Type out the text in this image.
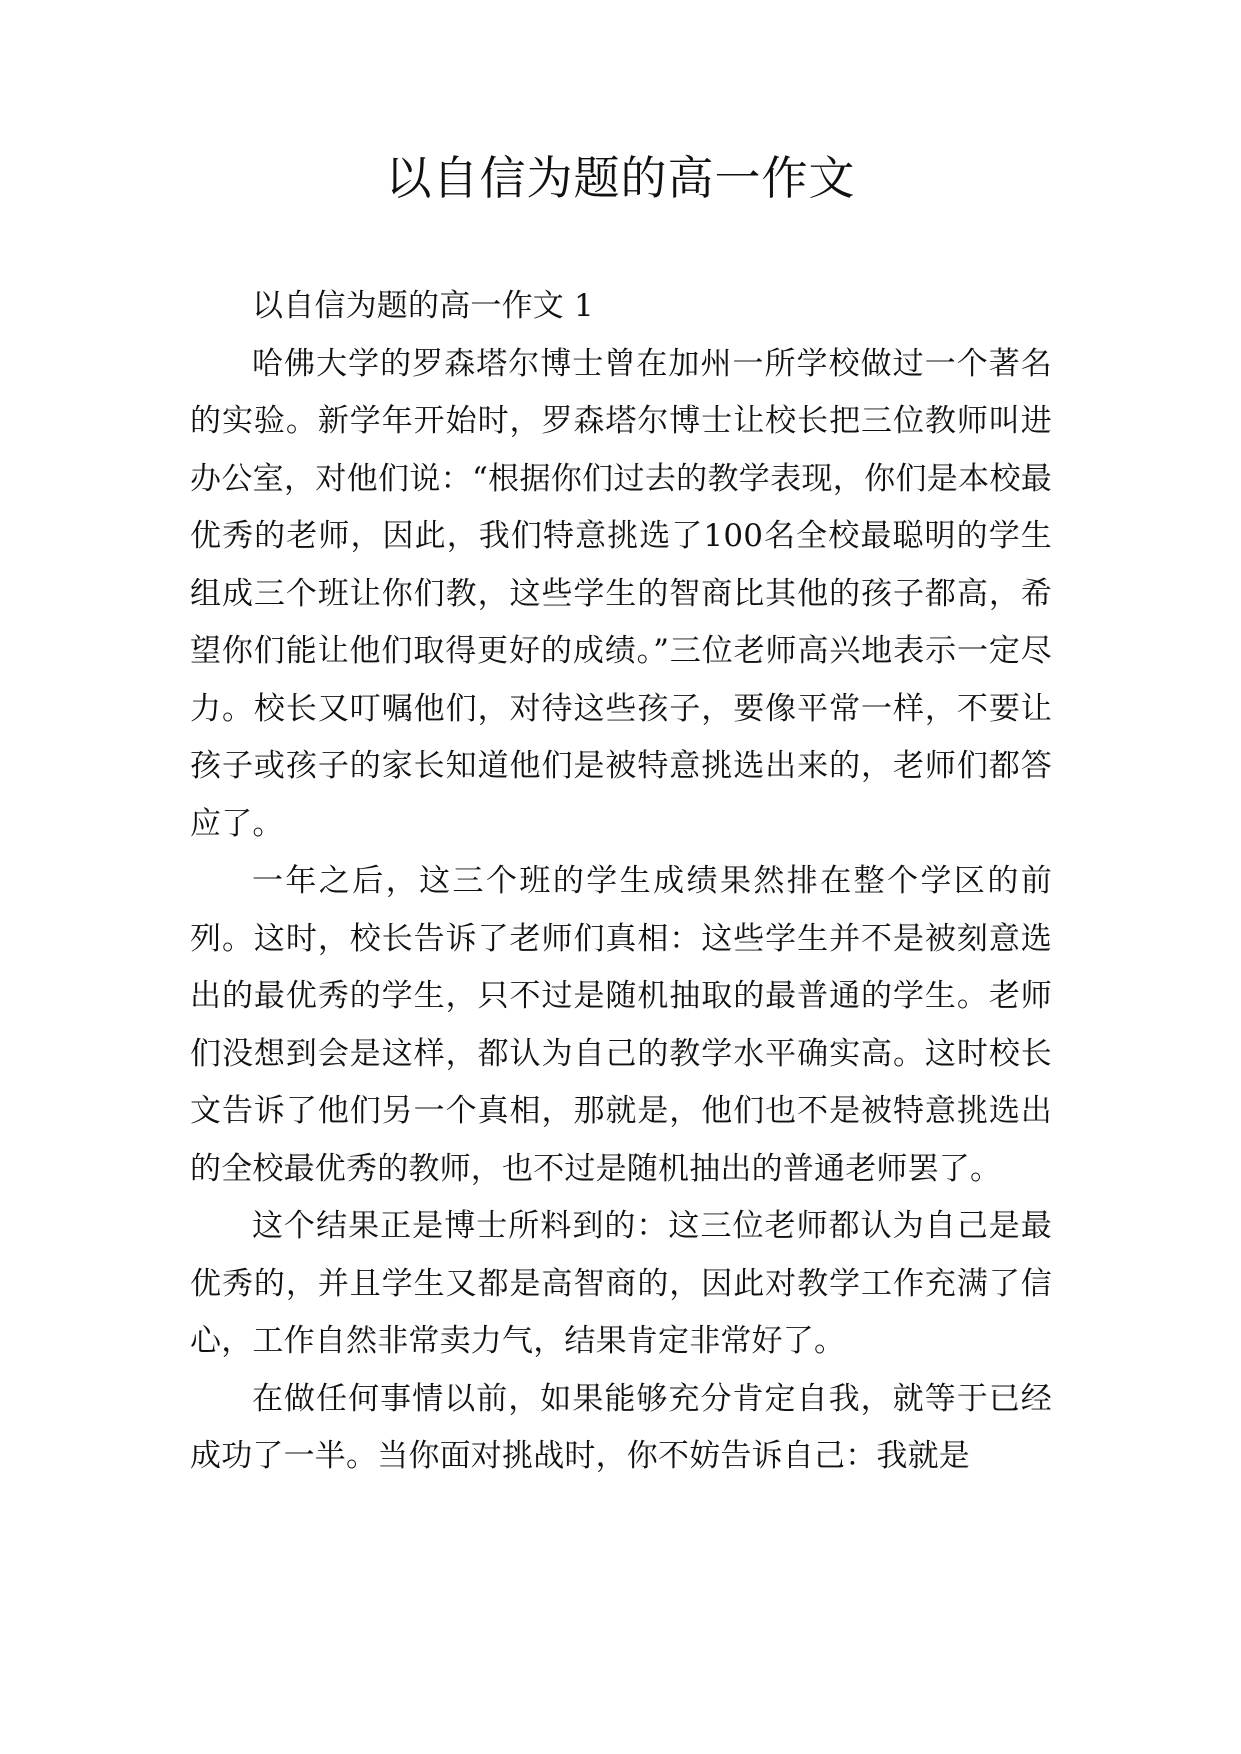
以自信为题的高一作文

以自信为题的高一作文 1

哈佛大学的罗森塔尔博士曾在加州一所学校做过一个著名的实验。新学年开始时，罗森塔尔博士让校长把三位教师叫进办公室，对他们说：“根据你们过去的教学表现，你们是本校最优秀的老师，因此，我们特意挑选了100名全校最聪明的学生组成三个班让你们教，这些学生的智商比其他的孩子都高，希望你们能让他们取得更好的成绩。”三位老师高兴地表示一定尽力。校长又叮嘱他们，对待这些孩子，要像平常一样，不要让孩子或孩子的家长知道他们是被特意挑选出来的，老师们都答应了。

一年之后，这三个班的学生成绩果然排在整个学区的前列。这时，校长告诉了老师们真相：这些学生并不是被刻意选出的最优秀的学生，只不过是随机抽取的最普通的学生。老师们没想到会是这样，都认为自己的教学水平确实高。这时校长文告诉了他们另一个真相，那就是，他们也不是被特意挑选出的全校最优秀的教师，也不过是随机抽出的普通老师罢了。

这个结果正是博士所料到的：这三位老师都认为自己是最优秀的，并且学生又都是高智商的，因此对教学工作充满了信心，工作自然非常卖力气，结果肯定非常好了。

在做任何事情以前，如果能够充分肯定自我，就等于已经成功了一半。当你面对挑战时，你不妨告诉自己：我就是
